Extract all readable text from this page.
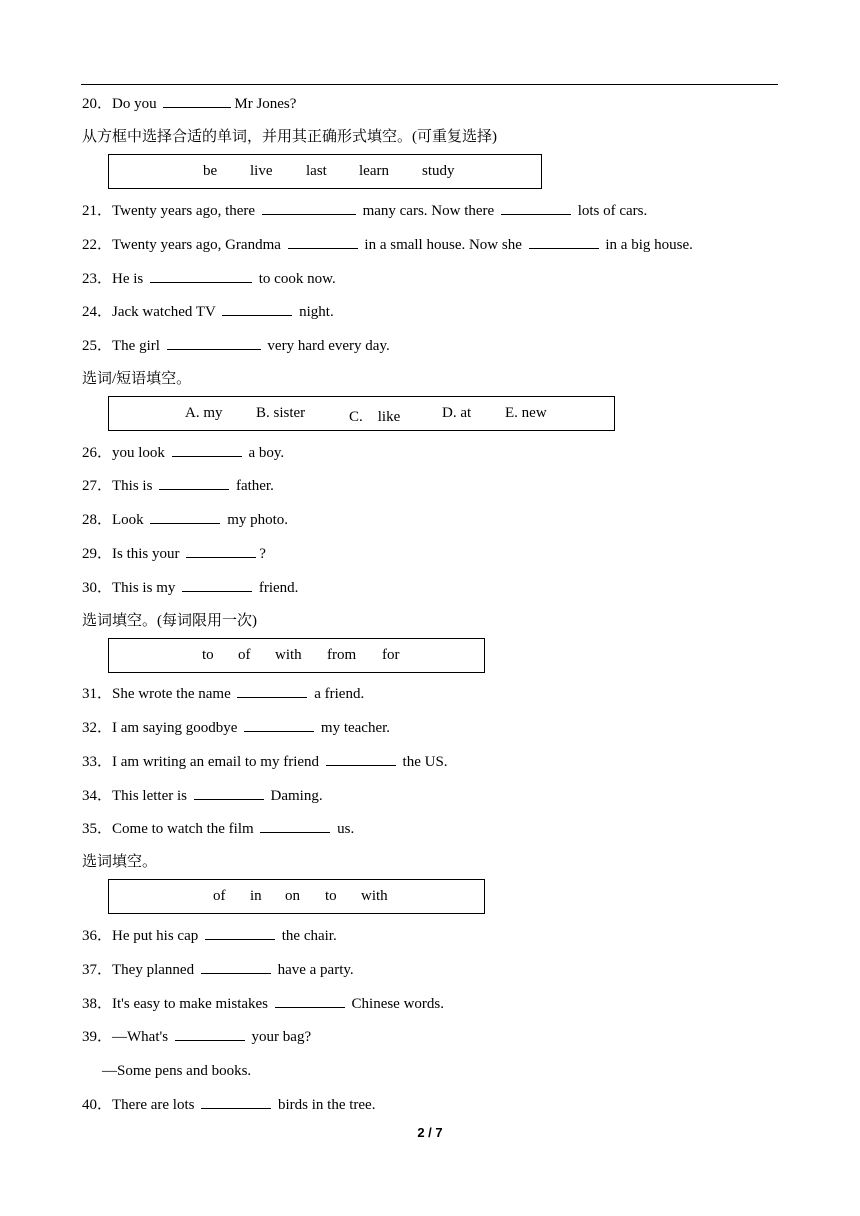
20．Do you	Mr Jones?
从方框中选择合适的单词，并用其正确形式填空。(可重复选择)
be live last learn study
21．Twenty years ago, there	many cars. Now there	lots of cars.
22．Twenty years ago, Grandma	in a small house. Now she	in a big house.
23．He is	to cook now.
24．Jack watched TV	night.
25．The girl	very hard every day.
选词/短语填空。
A. my B. sister	C.　like	D. at E. new
26．you look	a boy.
27．This is	father.
28．Look	my photo.
29．Is this your	?
30．This is my	friend.
选词填空。(每词限用一次)
to of with from for
31．She wrote the name	a friend.
32．I am saying goodbye	my teacher.
33．I am writing an email to my friend	the US.
34．This letter is	Daming.
35．Come to watch the film	us.
选词填空。
of in on to with
36．He put his cap	the chair.
37．They planned	have a party.
38．It's easy to make mistakes	Chinese words.
39．—What's	your bag?
—Some pens and books.
40．There are lots	birds in the tree.
2 / 7
